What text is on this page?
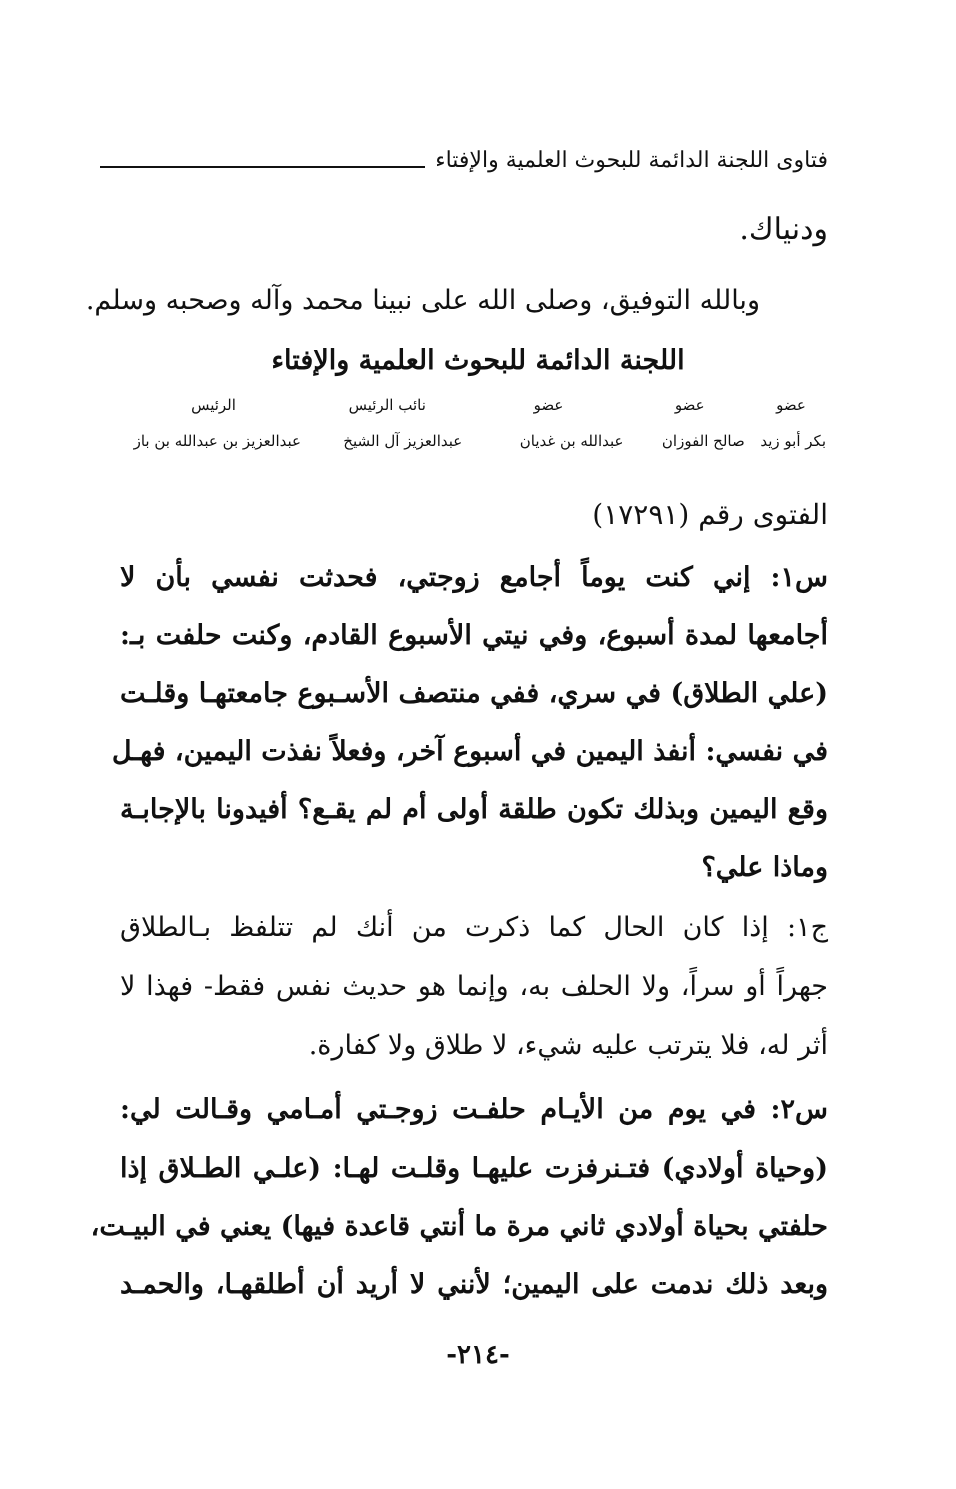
فتاوى اللجنة الدائمة للبحوث العلمية والإفتاء
ودنياك.
وبالله التوفيق، وصلى الله على نبينا محمد وآله وصحبه وسلم.
اللجنة الدائمة للبحوث العلمية والإفتاء
عضو
عضو
عضو
نائب الرئيس
الرئيس
بكر أبو زيد
صالح الفوزان
عبدالله بن غديان
عبدالعزيز آل الشيخ
عبدالعزيز بن عبدالله بن باز
الفتوى رقم (١٧٢٩١)
س١: إني كنت يوماً أجامع زوجتي، فحدثت نفسي بأن لا
أجامعها لمدة أسبوع، وفي نيتي الأسبوع القادم، وكنت حلفت بـ:
(علي الطلاق) في سري، ففي منتصف الأسـبوع جامعتهـا وقلـت
في نفسي: أنفذ اليمين في أسبوع آخر، وفعلاً نفذت اليمين، فهـل
وقع اليمين وبذلك تكون طلقة أولى أم لم يقـع؟ أفيدونا بالإجابـة
وماذا علي؟
ج١: إذا كان الحال كما ذكرت من أنك لم تتلفظ بـالطلاق
جهراً أو سراً، ولا الحلف به، وإنما هو حديث نفس فقط- فهذا لا
أثر له، فلا يترتب عليه شيء، لا طلاق ولا كفارة.
س٢: في يوم من الأيـام حلفـت زوجـتي أمـامي وقـالت لي:
(وحياة أولادي) فتـنرفزت عليهـا وقلـت لهـا: (علـي الطـلاق إذا
حلفتي بحياة أولادي ثاني مرة ما أنتي قاعدة فيها) يعني في البيـت،
وبعد ذلك ندمت على اليمين؛ لأنني لا أريد أن أطلقهـا، والحمـد
-٢١٤-
